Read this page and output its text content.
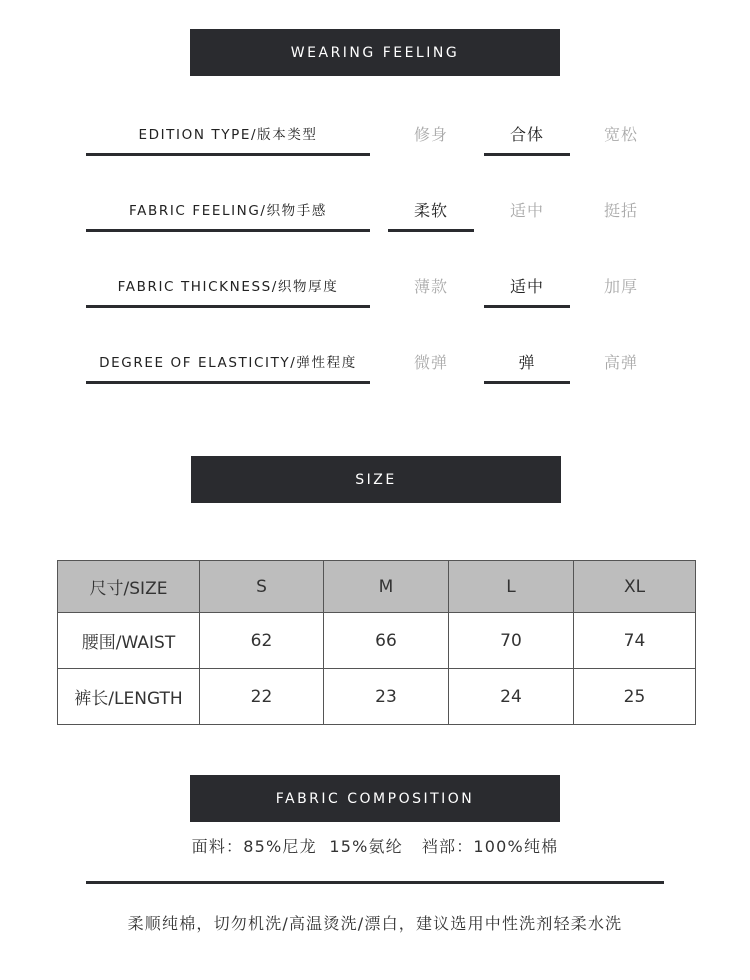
WEARING FEELING
EDITION TYPE/版本类型	修身	合体	宽松
FABRIC FEELING/织物手感	柔软	适中	挺括
FABRIC THICKNESS/织物厚度	薄款	适中	加厚
DEGREE OF ELASTICITY/弹性程度	微弹	弹	高弹
SIZE
尺寸/SIZE	S	M	L	XL
腰围/WAIST	62	66	70	74
裤长/LENGTH	22	23	24	25
FABRIC COMPOSITION
面料：85%尼龙  15%氨纶   裆部：100%纯棉
柔顺纯棉，切勿机洗/高温烫洗/漂白，建议选用中性洗剂轻柔水洗
